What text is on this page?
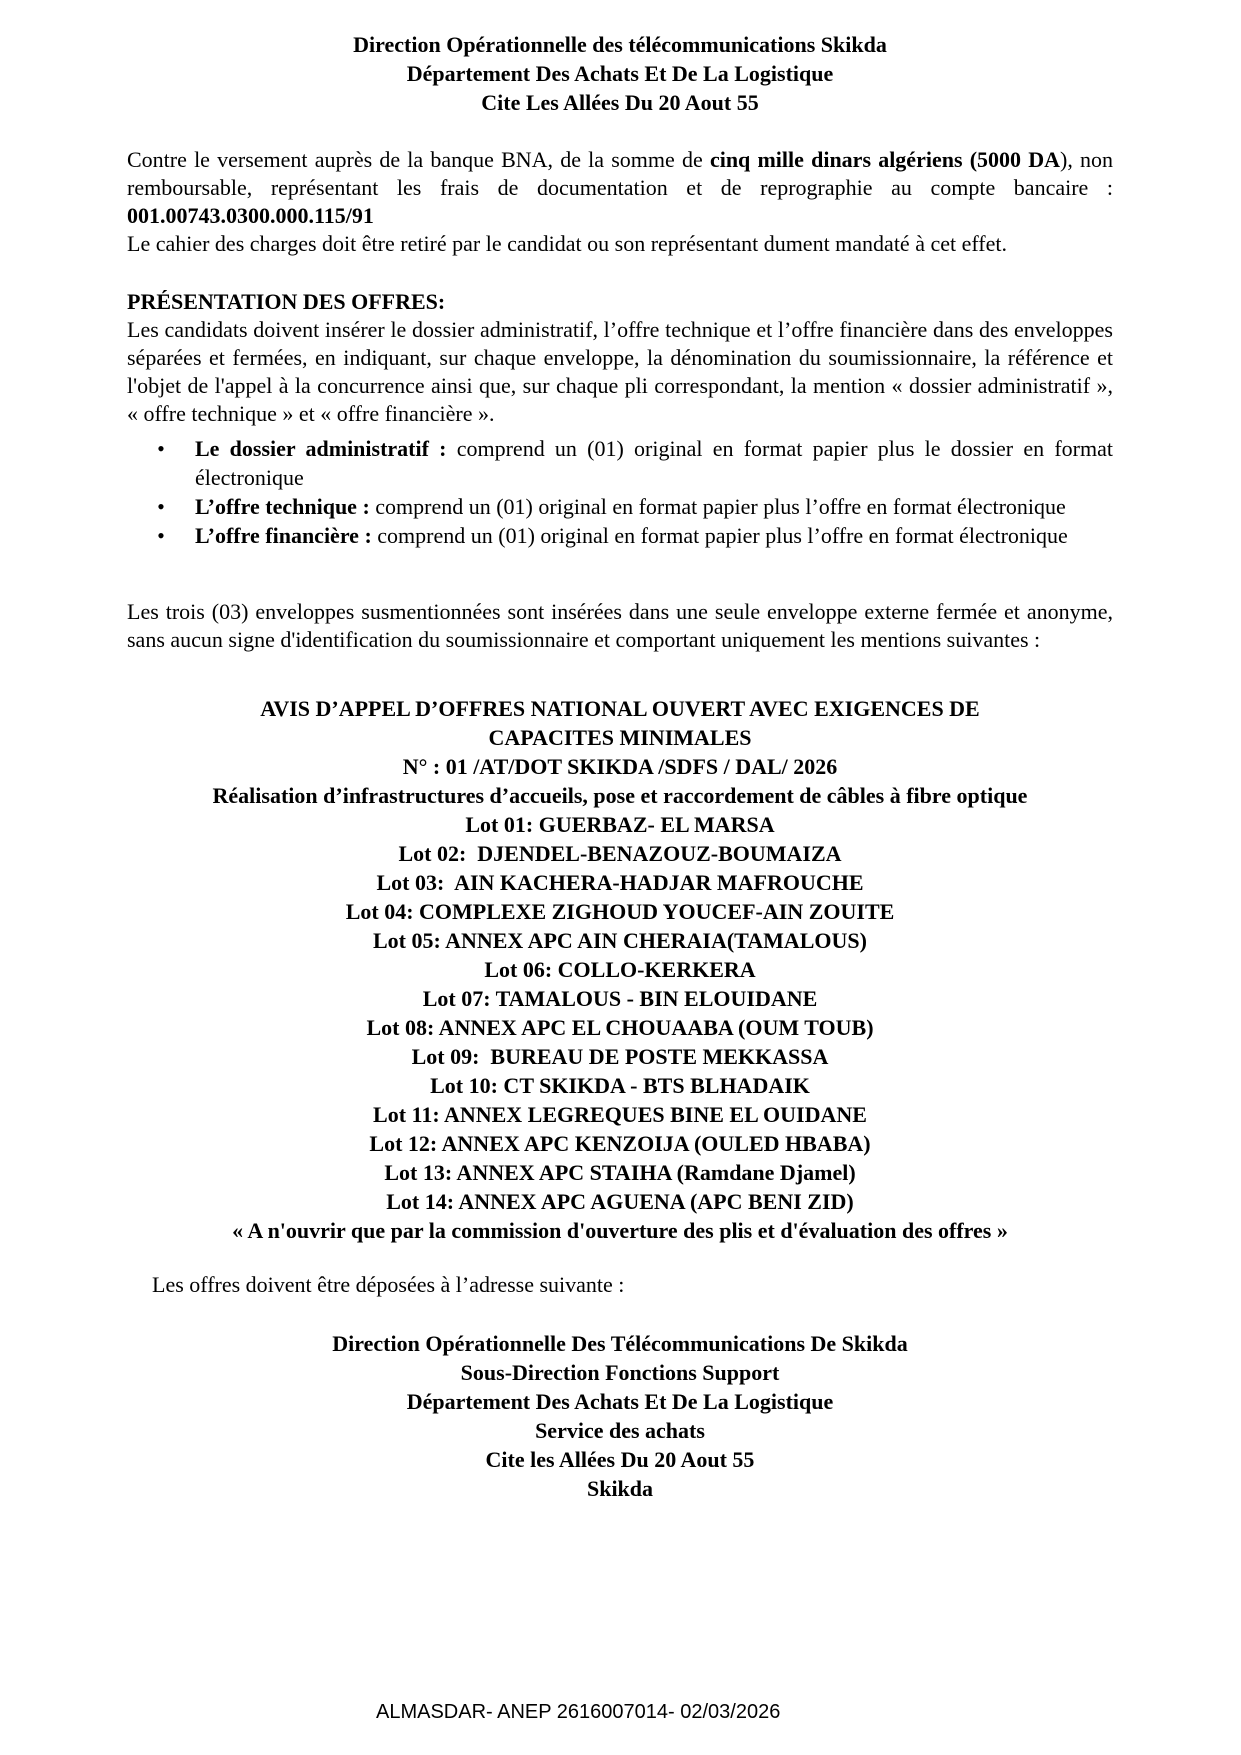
Direction Opérationnelle des télécommunications Skikda
Département Des Achats Et De La Logistique
Cite Les Allées Du 20 Aout 55

Contre le versement auprès de la banque BNA, de la somme de cinq mille dinars algériens (5000 DA), non remboursable, représentant les frais de documentation et de reprographie au compte bancaire : 001.00743.0300.000.115/91

Le cahier des charges doit être retiré par le candidat ou son représentant dument mandaté à cet effet.

PRÉSENTATION DES OFFRES:

Les candidats doivent insérer le dossier administratif, l’offre technique et l’offre financière dans des enveloppes séparées et fermées, en indiquant, sur chaque enveloppe, la dénomination du soumissionnaire, la référence et l'objet de l'appel à la concurrence ainsi que, sur chaque pli correspondant, la mention « dossier administratif », « offre technique » et « offre financière ».

•	Le dossier administratif : comprend un (01) original en format papier plus le dossier en format électronique
•	L’offre technique : comprend un (01) original en format papier plus l’offre en format électronique
•	L’offre financière : comprend un (01) original en format papier plus l’offre en format électronique

Les trois (03) enveloppes susmentionnées sont insérées dans une seule enveloppe externe fermée et anonyme, sans aucun signe d'identification du soumissionnaire et comportant uniquement les mentions suivantes :

AVIS D’APPEL D’OFFRES NATIONAL OUVERT AVEC EXIGENCES DE
CAPACITES MINIMALES
N° : 01 /AT/DOT SKIKDA /SDFS / DAL/ 2026
Réalisation d’infrastructures d’accueils, pose et raccordement de câbles à fibre optique
Lot 01: GUERBAZ- EL MARSA
Lot 02:  DJENDEL-BENAZOUZ-BOUMAIZA
Lot 03:  AIN KACHERA-HADJAR MAFROUCHE
Lot 04: COMPLEXE ZIGHOUD YOUCEF-AIN ZOUITE
Lot 05: ANNEX APC AIN CHERAIA(TAMALOUS)
Lot 06: COLLO-KERKERA
Lot 07: TAMALOUS - BIN ELOUIDANE
Lot 08: ANNEX APC EL CHOUAABA (OUM TOUB)
Lot 09:  BUREAU DE POSTE MEKKASSA
Lot 10: CT SKIKDA - BTS BLHADAIK
Lot 11: ANNEX LEGREQUES BINE EL OUIDANE
Lot 12: ANNEX APC KENZOIJA (OULED HBABA)
Lot 13: ANNEX APC STAIHA (Ramdane Djamel)
Lot 14: ANNEX APC AGUENA (APC BENI ZID)
« A n'ouvrir que par la commission d'ouverture des plis et d'évaluation des offres »

Les offres doivent être déposées à l’adresse suivante :

Direction Opérationnelle Des Télécommunications De Skikda
Sous-Direction Fonctions Support
Département Des Achats Et De La Logistique
Service des achats
Cite les Allées Du 20 Aout 55
Skikda
ALMASDAR- ANEP 2616007014- 02/03/2026
